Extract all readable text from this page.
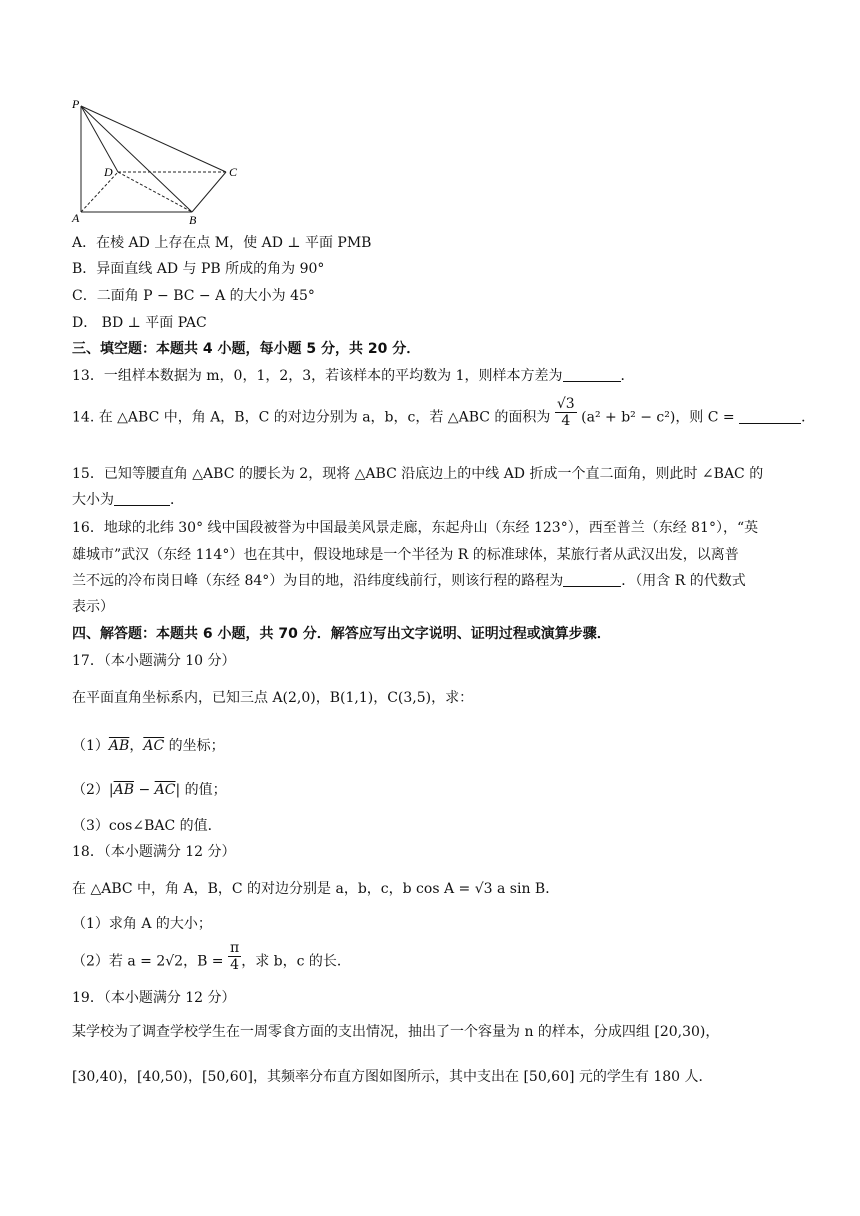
P
D	C
A	B
A．在棱 AD 上存在点 M，使 AD ⊥ 平面 PMB
B．异面直线 AD 与 PB 所成的角为 90°
C．二面角 P − BC − A 的大小为 45°
D． BD ⊥ 平面 PAC
三、填空题：本题共 4 小题，每小题 5 分，共 20 分．
13．一组样本数据为 m，0，1，2，3，若该样本的平均数为 1，则样本方差为	．
14. 在 △ABC 中，角 A，B，C 的对边分别为 a，b，c，若 △ABC 的面积为 $\frac{√3}{4} (a^2 + b^2 - c^2)$，则 C =	．
15．已知等腰直角 △ABC 的腰长为 2，现将 △ABC 沿底边上的中线 AD 折成一个直二面角，则此时 ∠BAC 的
大小为	．
16．地球的北纬 30° 线中国段被誉为中国最美风景走廊，东起舟山（东经 123°），西至普兰（东经 81°），“英
雄城市”武汉（东经 114°）也在其中，假设地球是一个半径为 R 的标准球体，某旅行者从武汉出发，以离普
兰不远的冷布岗日峰（东经 84°）为目的地，沿纬度线前行，则该行程的路程为	．（用含 R 的代数式
表示）
四、解答题：本题共 6 小题，共 70 分．解答应写出文字说明、证明过程或演算步骤．
17．（本小题满分 10 分）
在平面直角坐标系内，已知三点 A(2,0)，B(1,1)，C(3,5)，求：
$(1)\overline{AB}$，$\overline{AC}$ 的坐标；
$(2)|\overline{AB} - \overline{AC}|$ 的值；
（3）cos∠BAC 的值．
18．（本小题满分 12 分）
在 △ABC 中，角 A，B，C 的对边分别是 a，b，c，b cos A = √3 a sin B．
（1）求角 A 的大小；
（2）若 a = 2√2，$B = \frac{\pi}{4}$ ，求 b，c 的长．
19．（本小题满分 12 分）
某学校为了调查学校学生在一周零食方面的支出情况，抽出了一个容量为 n 的样本，分成四组 [20,30)，
[30,40)，[40,50)，[50,60]，其频率分布直方图如图所示，其中支出在 [50,60] 元的学生有 180 人．
